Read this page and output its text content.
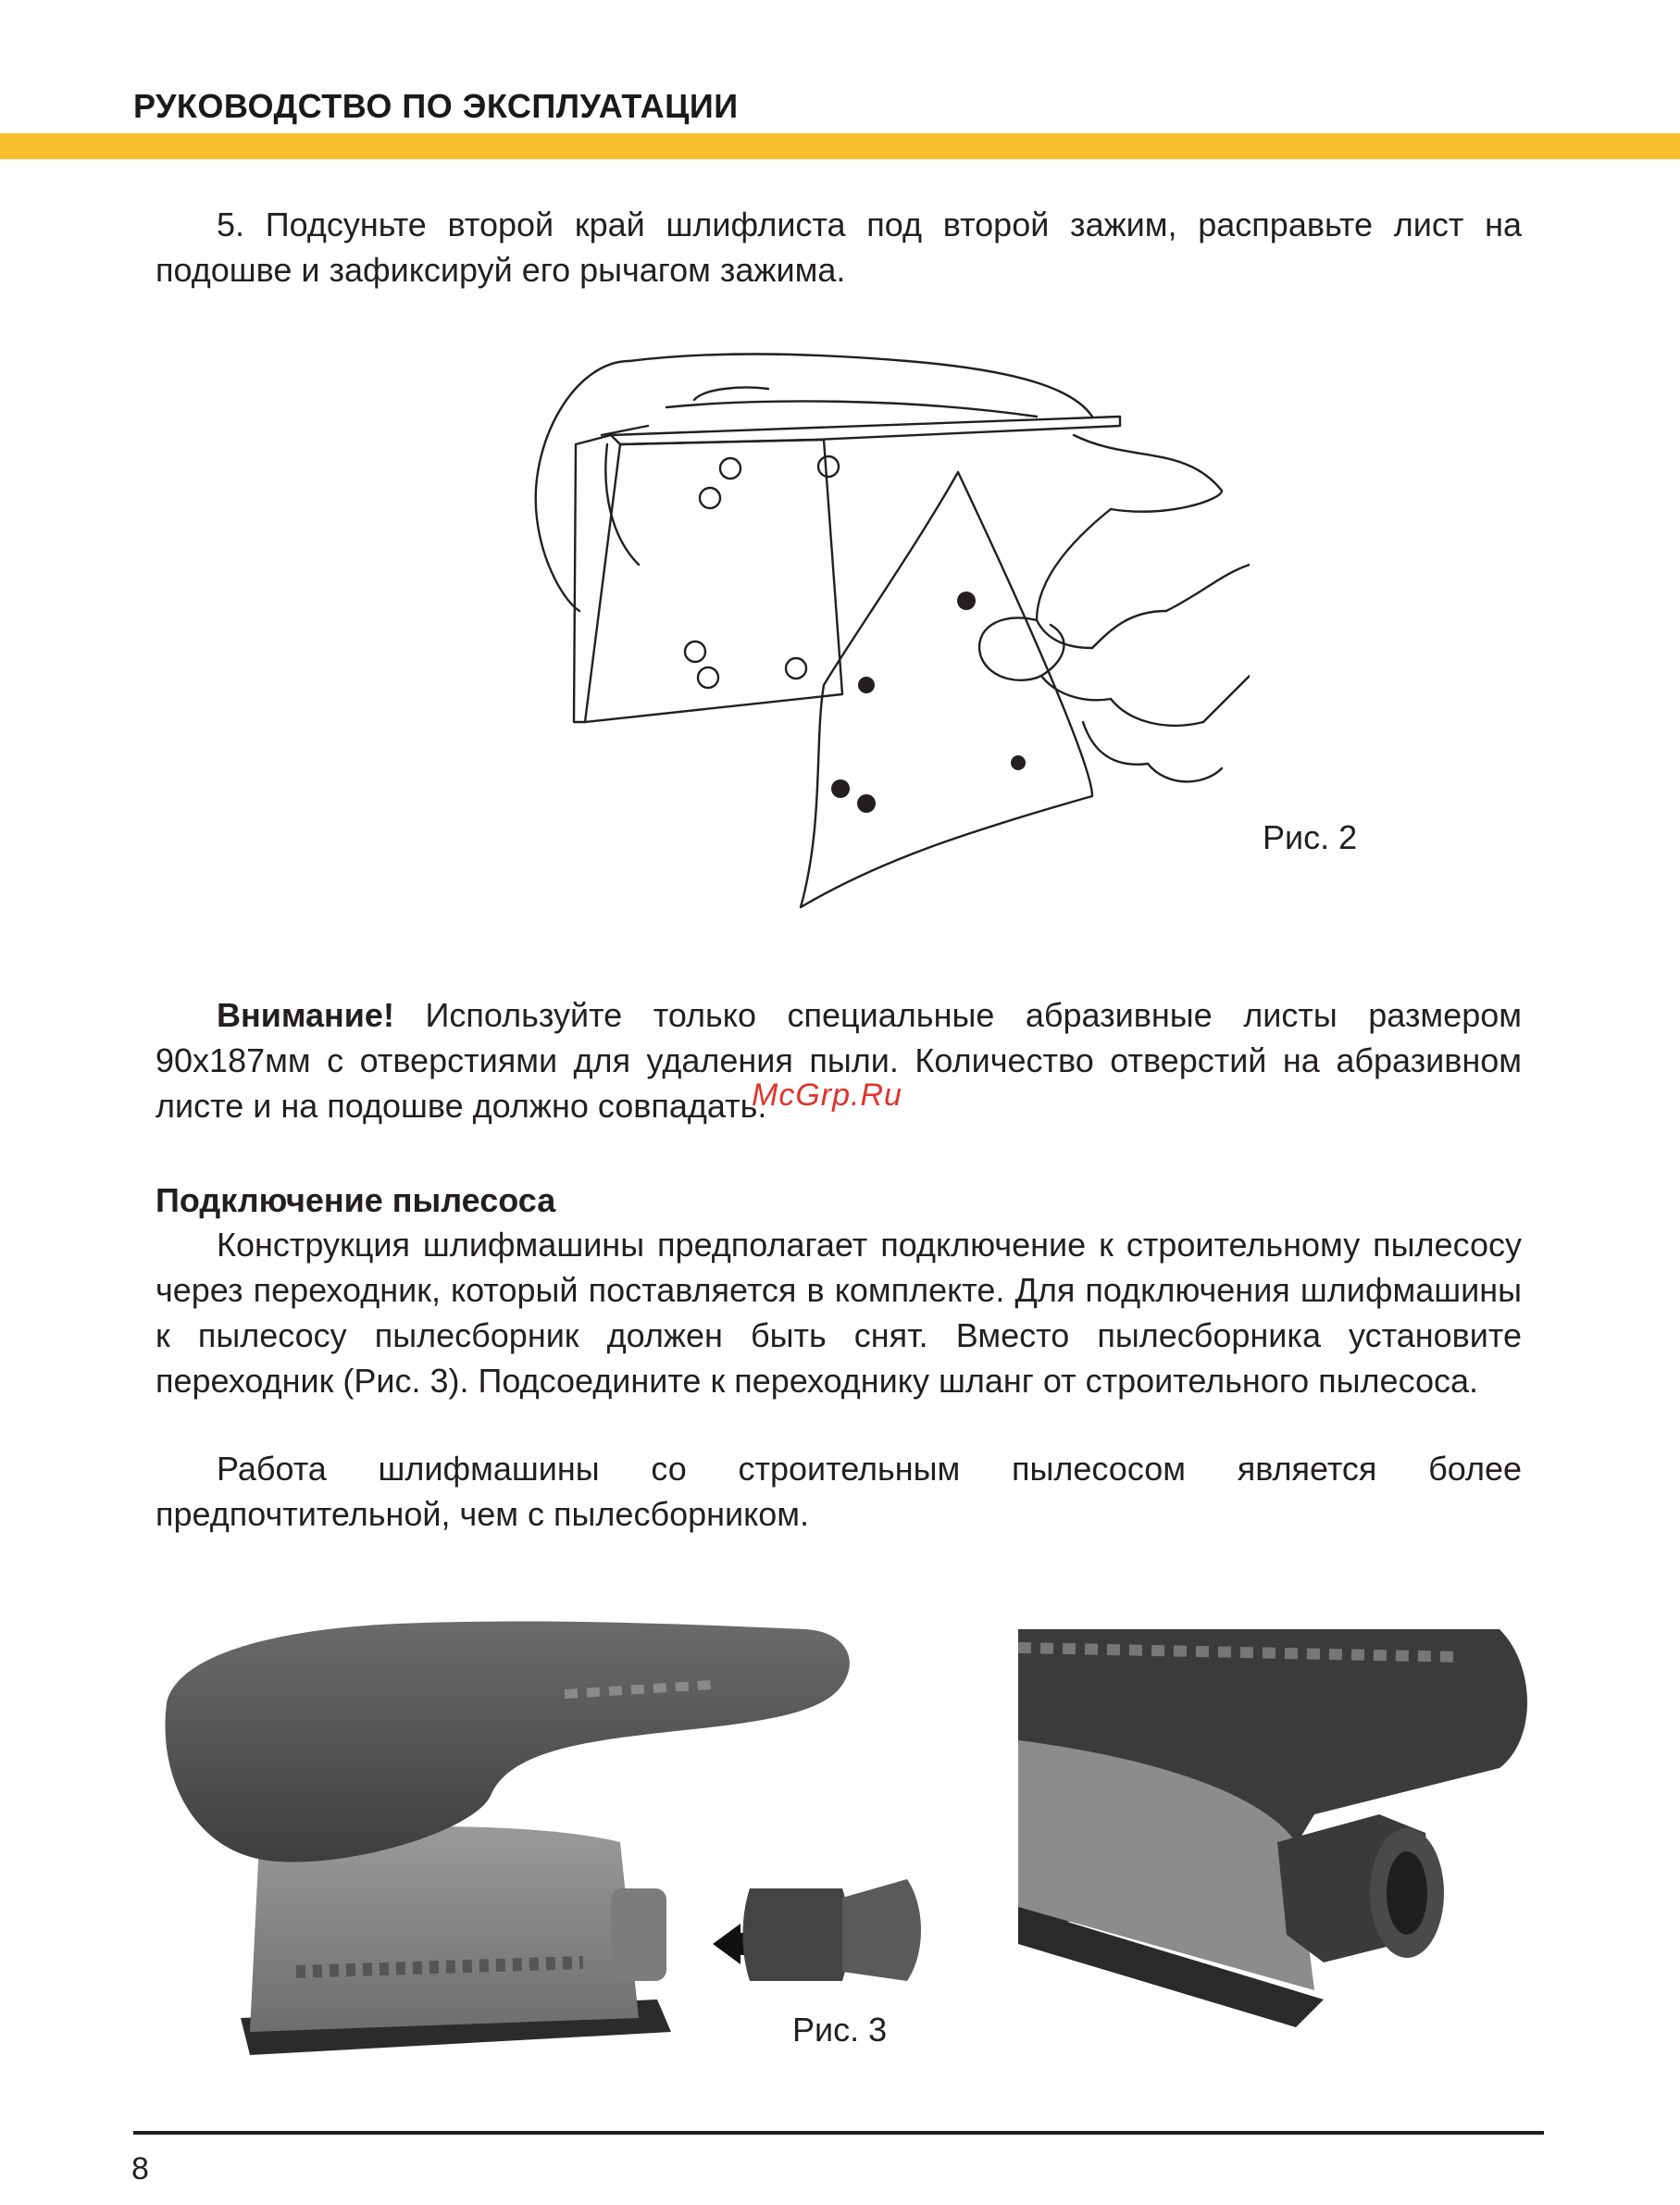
РУКОВОДСТВО ПО ЭКСПЛУАТАЦИИ
5. Подсуньте второй край шлифлиста под второй зажим, расправьте лист на подошве и зафиксируй его рычагом зажима.
Рис. 2
Внимание! Используйте только специальные абразивные листы размером 90х187мм с отверстиями для удаления пыли. Количество отверстий на абразивном листе и на подошве должно совпадать.
McGrp.Ru
Подключение пылесоса
Конструкция шлифмашины предполагает подключение к строительному пылесосу через переходник, который поставляется в комплекте. Для подключения шлифмашины к пылесосу пылесборник должен быть снят. Вместо пылесборника установите переходник (Рис. 3). Подсоедините к переходнику шланг от строительного пылесоса.
Работа шлифмашины со строительным пылесосом является более предпочтительной, чем с пылесборником.
Рис. 3
8
